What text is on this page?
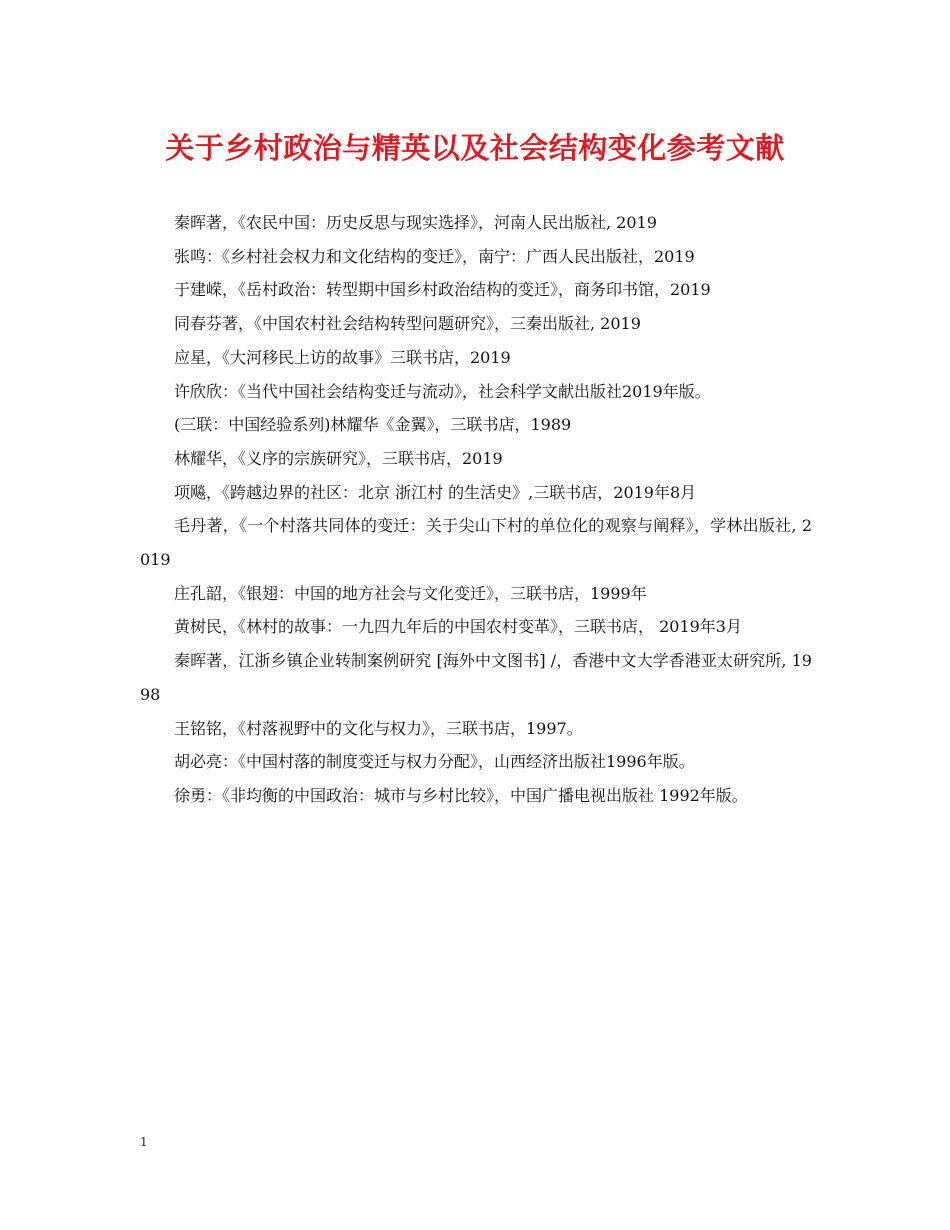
关于乡村政治与精英以及社会结构变化参考文献
秦晖著，《农民中国：历史反思与现实选择》，河南人民出版社, 2019
张鸣：《乡村社会权力和文化结构的变迁》，南宁：广西人民出版社，2019
于建嵘，《岳村政治：转型期中国乡村政治结构的变迁》，商务印书馆，2019
同春芬著，《中国农村社会结构转型问题研究》，三秦出版社, 2019
应星，《大河移民上访的故事》三联书店，2019
许欣欣：《当代中国社会结构变迁与流动》，社会科学文献出版社2019年版。
(三联：中国经验系列)林耀华《金翼》，三联书店，1989
林耀华，《义序的宗族研究》，三联书店，2019
项飚，《跨越边界的社区：北京 浙江村 的生活史》,三联书店，2019年8月
毛丹著，《一个村落共同体的变迁：关于尖山下村的单位化的观察与阐释》，学林出版社, 2019
庄孔韶，《银翅：中国的地方社会与文化变迁》，三联书店，1999年
黄树民，《林村的故事：一九四九年后的中国农村变革》，三联书店， 2019年3月
秦晖著，江浙乡镇企业转制案例研究 [海外中文图书] /，香港中文大学香港亚太研究所, 1998
王铭铭，《村落视野中的文化与权力》，三联书店，1997。
胡必亮：《中国村落的制度变迁与权力分配》，山西经济出版社1996年版。
徐勇：《非均衡的中国政治：城市与乡村比较》，中国广播电视出版社 1992年版。
1
